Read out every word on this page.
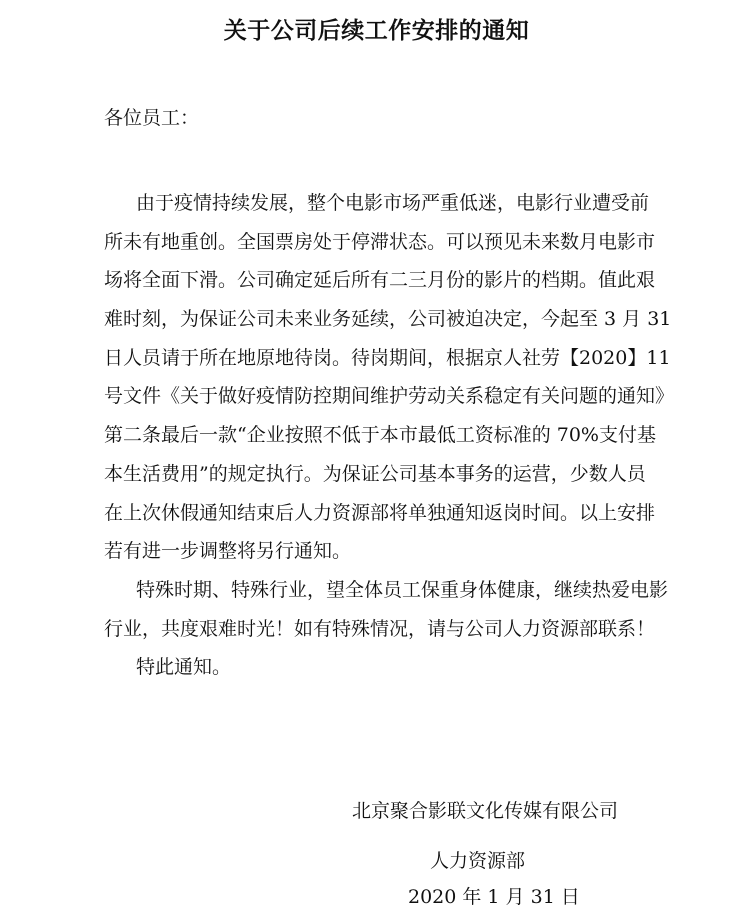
关于公司后续工作安排的通知
各位员工：
由于疫情持续发展，整个电影市场严重低迷，电影行业遭受前
所未有地重创。全国票房处于停滞状态。可以预见未来数月电影市
场将全面下滑。公司确定延后所有二三月份的影片的档期。值此艰
难时刻，为保证公司未来业务延续，公司被迫决定，今起至 3 月 31
日人员请于所在地原地待岗。待岗期间，根据京人社劳【2020】11
号文件《关于做好疫情防控期间维护劳动关系稳定有关问题的通知》
第二条最后一款“企业按照不低于本市最低工资标准的 70%支付基
本生活费用”的规定执行。为保证公司基本事务的运营，少数人员
在上次休假通知结束后人力资源部将单独通知返岗时间。以上安排
若有进一步调整将另行通知。
特殊时期、特殊行业，望全体员工保重身体健康，继续热爱电影
行业，共度艰难时光！如有特殊情况，请与公司人力资源部联系！
特此通知。
北京聚合影联文化传媒有限公司
人力资源部
2020 年 1 月 31 日
